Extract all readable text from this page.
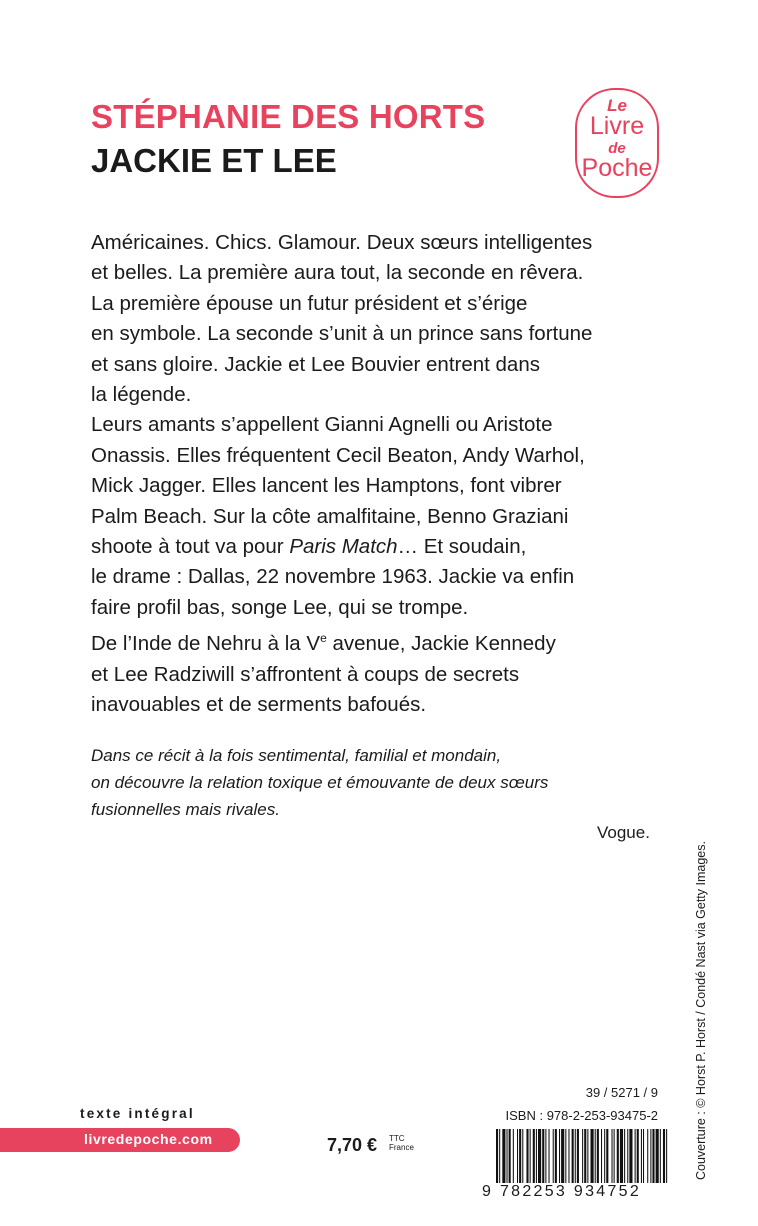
STÉPHANIE DES HORTS
JACKIE ET LEE
Le
Livre
de
Poche
Américaines. Chics. Glamour. Deux sœurs intelligentes
et belles. La première aura tout, la seconde en rêvera.
La première épouse un futur président et s’érige
en symbole. La seconde s’unit à un prince sans fortune
et sans gloire. Jackie et Lee Bouvier entrent dans
la légende.
Leurs amants s’appellent Gianni Agnelli ou Aristote
Onassis. Elles fréquentent Cecil Beaton, Andy Warhol,
Mick Jagger. Elles lancent les Hamptons, font vibrer
Palm Beach. Sur la côte amalfitaine, Benno Graziani
shoote à tout va pour Paris Match… Et soudain,
le drame : Dallas, 22 novembre 1963. Jackie va enfin
faire profil bas, songe Lee, qui se trompe.
De l’Inde de Nehru à la Ve avenue, Jackie Kennedy
et Lee Radziwill s’affrontent à coups de secrets
inavouables et de serments bafoués.
Dans ce récit à la fois sentimental, familial et mondain,
on découvre la relation toxique et émouvante de deux sœurs
fusionnelles mais rivales.
Vogue.
Couverture : © Horst P. Horst / Condé Nast via Getty Images.
texte intégral
livredepoche.com	7,70 € TTC
France
39 / 5271 / 9
ISBN : 978-2-253-93475-2
9 782253 934752
